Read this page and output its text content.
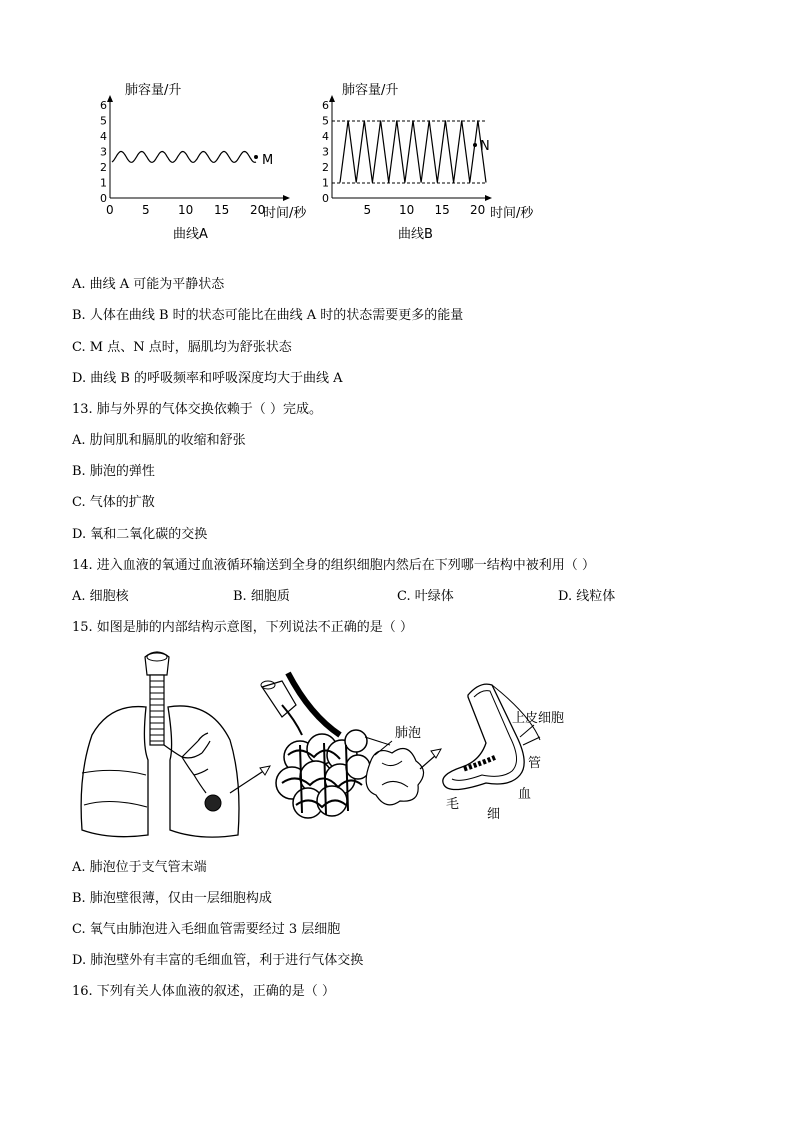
肺容量/升
0
1
2
3
4
5
6
0 5 10 15 20
M
时间/秒
曲线A
肺容量/升
0
1
2
3
4
5
6
5 10 15 20
N
时间/秒
曲线B
A. 曲线 A 可能为平静状态
B. 人体在曲线 B 时的状态可能比在曲线 A 时的状态需要更多的能量
C. M 点、N 点时，膈肌均为舒张状态
D. 曲线 B 的呼吸频率和呼吸深度均大于曲线 A
13. 肺与外界的气体交换依赖于（ ）完成。
A. 肋间肌和膈肌的收缩和舒张
B. 肺泡的弹性
C. 气体的扩散
D. 氧和二氧化碳的交换
14. 进入血液的氧通过血液循环输送到全身的组织细胞内然后在下列哪一结构中被利用（ ）
A. 细胞核	B. 细胞质	C. 叶绿体	D. 线粒体
15. 如图是肺的内部结构示意图，下列说法不正确的是（ ）
肺泡
上皮细胞
管
血
毛
细
A. 肺泡位于支气管末端
B. 肺泡壁很薄，仅由一层细胞构成
C. 氧气由肺泡进入毛细血管需要经过 3 层细胞
D. 肺泡壁外有丰富的毛细血管，利于进行气体交换
16. 下列有关人体血液的叙述，正确的是（ ）
